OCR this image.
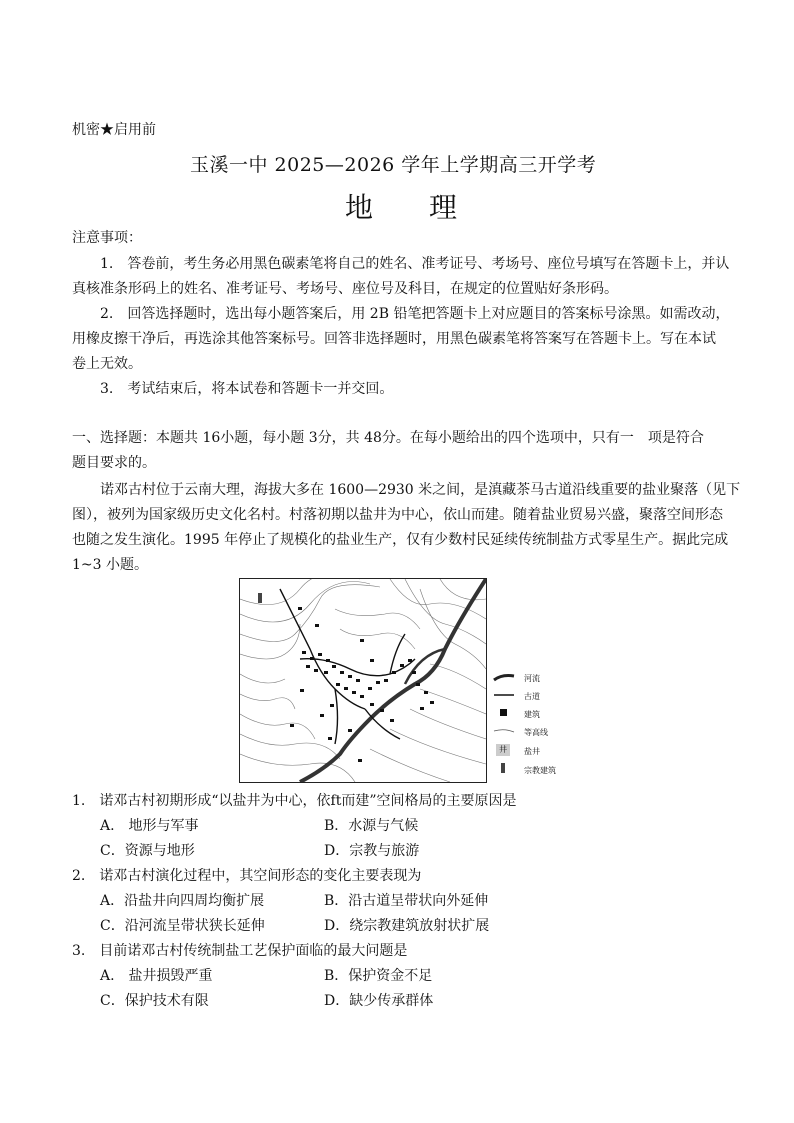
机密★启用前
玉溪一中 2025—2026 学年上学期高三开学考
地　　理
注意事项：
1.　答卷前，考生务必用黑色碳素笔将自己的姓名、准考证号、考场号、座位号填写在答题卡上，并认
真核准条形码上的姓名、准考证号、考场号、座位号及科目，在规定的位置贴好条形码。
2.　回答选择题时，选出每小题答案后，用 2B 铅笔把答题卡上对应题目的答案标号涂黑。如需改动，
用橡皮擦干净后，再选涂其他答案标号。回答非选择题时，用黑色碳素笔将答案写在答题卡上。写在本试
卷上无效。
3.　考试结束后，将本试卷和答题卡一并交回。
一、选择题：本题共 16小题，每小题 3分，共 48分。在每小题给出的四个选项中，只有一　项是符合
题目要求的。
诺邓古村位于云南大理，海拔大多在 1600—2930 米之间，是滇藏茶马古道沿线重要的盐业聚落（见下
图），被列为国家级历史文化名村。村落初期以盐井为中心，依山而建。随着盐业贸易兴盛，聚落空间形态
也随之发生演化。1995 年停止了规模化的盐业生产，仅有少数村民延续传统制盐方式零星生产。据此完成
1~3 小题。
河流
古道
建筑
等高线
井	盐井
宗教建筑
1.　诺邓古村初期形成“以盐井为中心，依ft而建”空间格局的主要原因是
A.　地形与军事	B．水源与气候
C．资源与地形	D．宗教与旅游
2.　诺邓古村演化过程中，其空间形态的变化主要表现为
A．沿盐井向四周均衡扩展	B．沿古道呈带状向外延伸
C．沿河流呈带状狭长延伸	D．绕宗教建筑放射状扩展
3.　目前诺邓古村传统制盐工艺保护面临的最大问题是
A.　盐井损毁严重	B．保护资金不足
C．保护技术有限	D．缺少传承群体
